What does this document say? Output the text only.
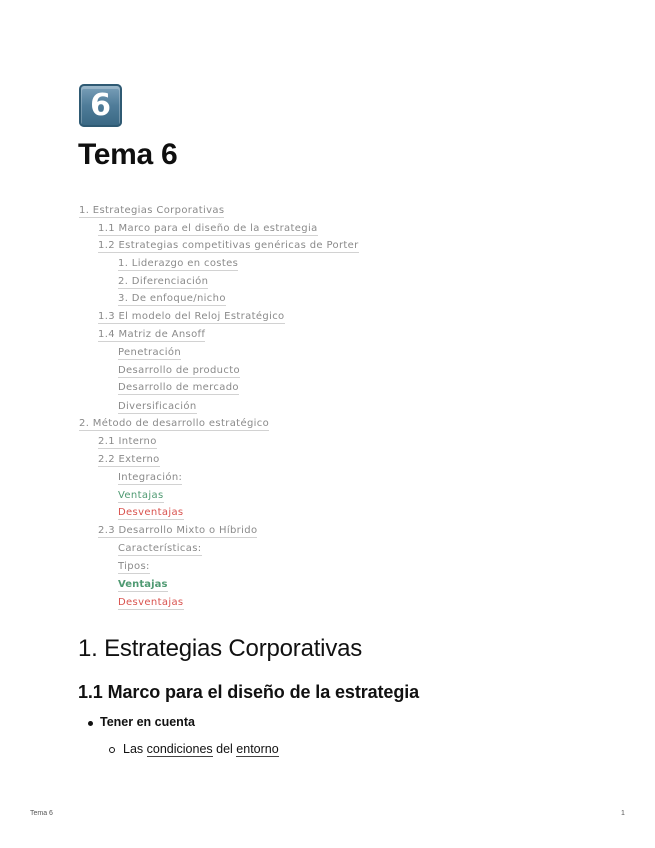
6
Tema 6
1. Estrategias Corporativas
1.1 Marco para el diseño de la estrategia
1.2 Estrategias competitivas genéricas de Porter
1. Liderazgo en costes
2. Diferenciación
3. De enfoque/nicho
1.3 El modelo del Reloj Estratégico
1.4 Matriz de Ansoff
Penetración
Desarrollo de producto
Desarrollo de mercado
Diversificación
2. Método de desarrollo estratégico
2.1 Interno
2.2 Externo
Integración:
Ventajas
Desventajas
2.3 Desarrollo Mixto o Híbrido
Características:
Tipos:
Ventajas
Desventajas
1. Estrategias Corporativas
1.1 Marco para el diseño de la estrategia
Tener en cuenta
Las condiciones del entorno
Tema 6	1
